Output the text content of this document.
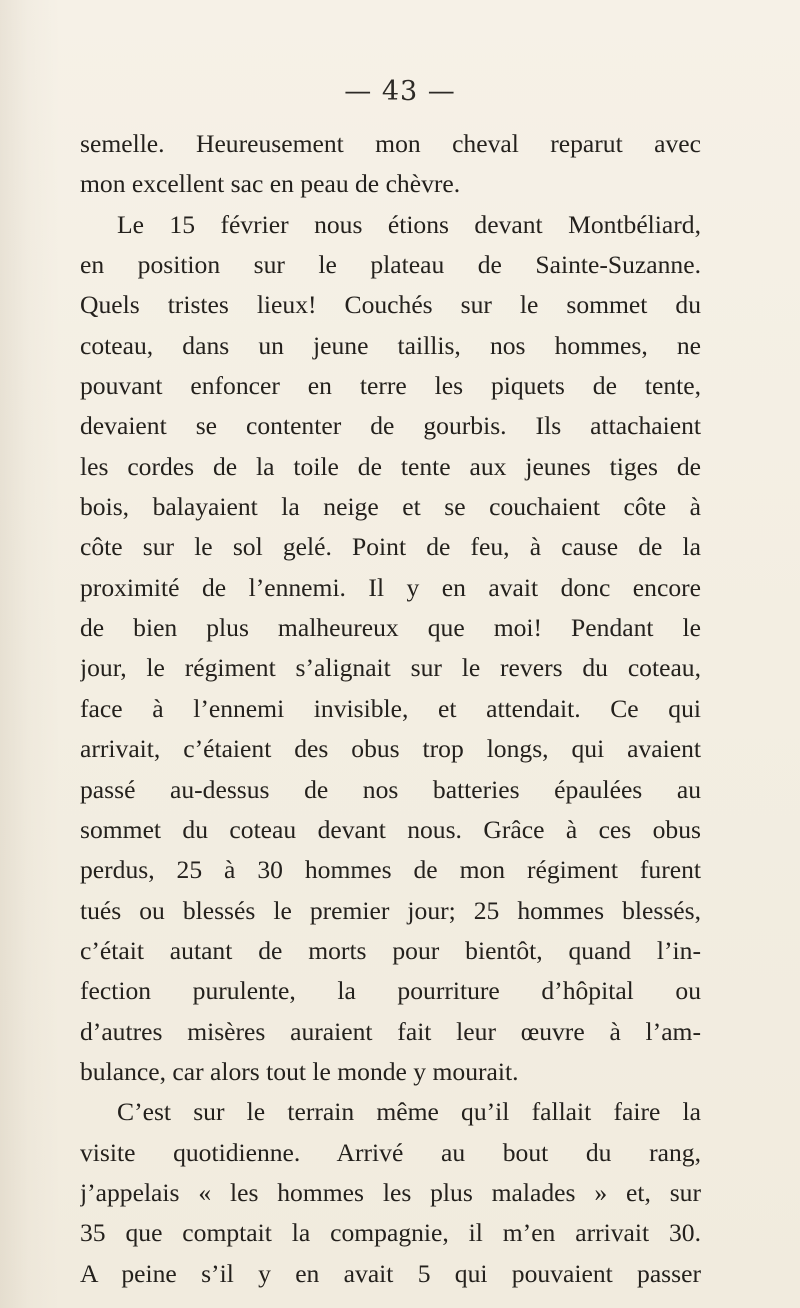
— 43 —
semelle. Heureusement mon cheval reparut avec
mon excellent sac en peau de chèvre.
Le 15 février nous étions devant Montbéliard,
en position sur le plateau de Sainte-Suzanne.
Quels tristes lieux! Couchés sur le sommet du
coteau, dans un jeune taillis, nos hommes, ne
pouvant enfoncer en terre les piquets de tente,
devaient se contenter de gourbis. Ils attachaient
les cordes de la toile de tente aux jeunes tiges de
bois, balayaient la neige et se couchaient côte à
côte sur le sol gelé. Point de feu, à cause de la
proximité de l’ennemi. Il y en avait donc encore
de bien plus malheureux que moi! Pendant le
jour, le régiment s’alignait sur le revers du coteau,
face à l’ennemi invisible, et attendait. Ce qui
arrivait, c’étaient des obus trop longs, qui avaient
passé au-dessus de nos batteries épaulées au
sommet du coteau devant nous. Grâce à ces obus
perdus, 25 à 30 hommes de mon régiment furent
tués ou blessés le premier jour; 25 hommes blessés,
c’était autant de morts pour bientôt, quand l’in-
fection purulente, la pourriture d’hôpital ou
d’autres misères auraient fait leur œuvre à l’am-
bulance, car alors tout le monde y mourait.
C’est sur le terrain même qu’il fallait faire la
visite quotidienne. Arrivé au bout du rang,
j’appelais « les hommes les plus malades » et, sur
35 que comptait la compagnie, il m’en arrivait 30.
A peine s’il y en avait 5 qui pouvaient passer
